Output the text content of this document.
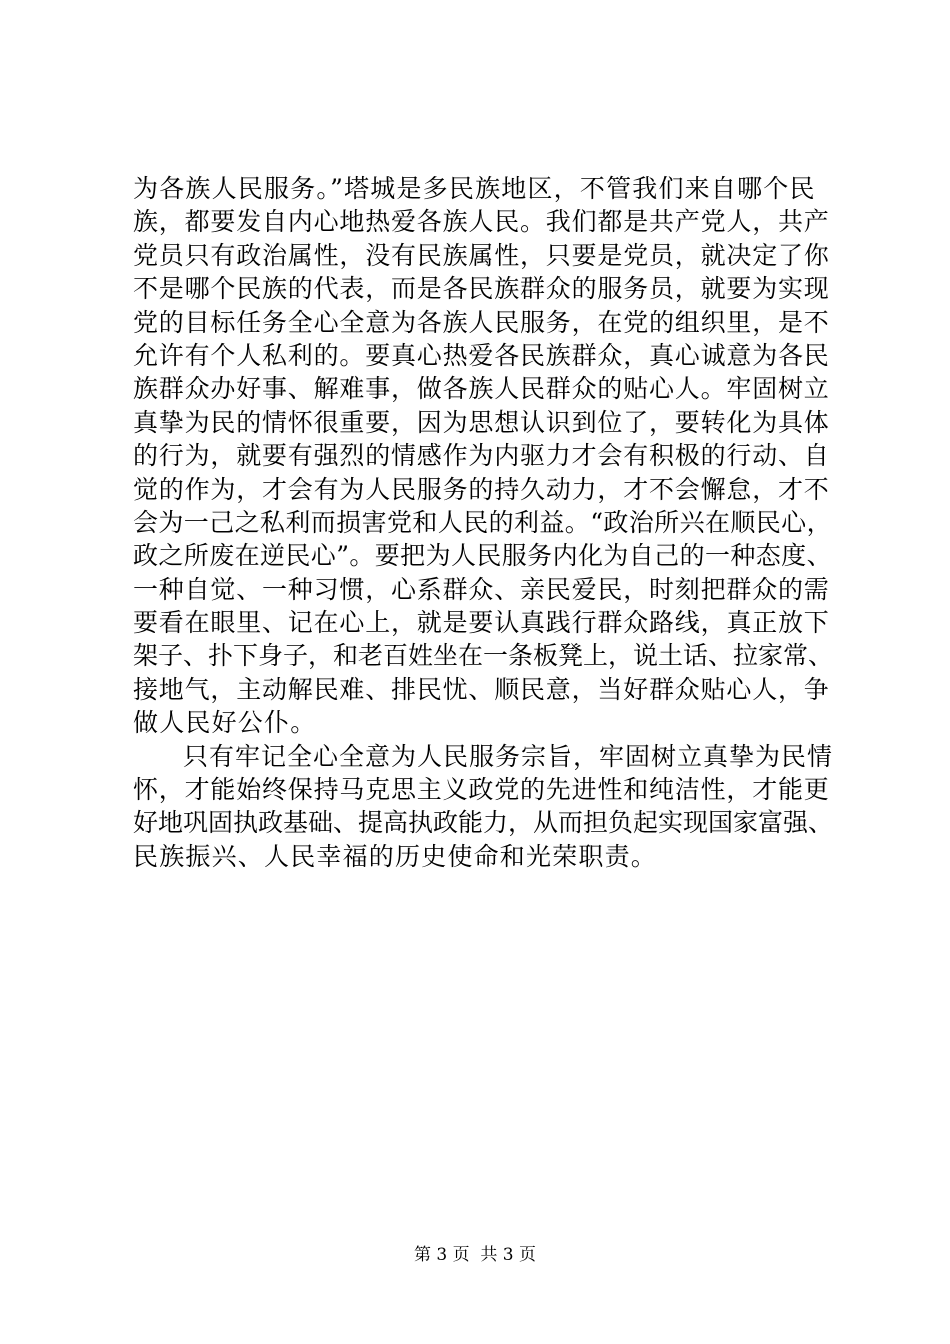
为各族人民服务。”塔城是多民族地区，不管我们来自哪个民
族，都要发自内心地热爱各族人民。我们都是共产党人，共产
党员只有政治属性，没有民族属性，只要是党员，就决定了你
不是哪个民族的代表，而是各民族群众的服务员，就要为实现
党的目标任务全心全意为各族人民服务，在党的组织里，是不
允许有个人私利的。要真心热爱各民族群众，真心诚意为各民
族群众办好事、解难事，做各族人民群众的贴心人。牢固树立
真挚为民的情怀很重要，因为思想认识到位了，要转化为具体
的行为，就要有强烈的情感作为内驱力才会有积极的行动、自
觉的作为，才会有为人民服务的持久动力，才不会懈怠，才不
会为一己之私利而损害党和人民的利益。“政治所兴在顺民心，
政之所废在逆民心”。要把为人民服务内化为自己的一种态度、
一种自觉、一种习惯，心系群众、亲民爱民，时刻把群众的需
要看在眼里、记在心上，就是要认真践行群众路线，真正放下
架子、扑下身子，和老百姓坐在一条板凳上，说土话、拉家常、
接地气，主动解民难、排民忧、顺民意，当好群众贴心人，争
做人民好公仆。
只有牢记全心全意为人民服务宗旨，牢固树立真挚为民情
怀，才能始终保持马克思主义政党的先进性和纯洁性，才能更
好地巩固执政基础、提高执政能力，从而担负起实现国家富强、
民族振兴、人民幸福的历史使命和光荣职责。
第 3 页  共 3 页
